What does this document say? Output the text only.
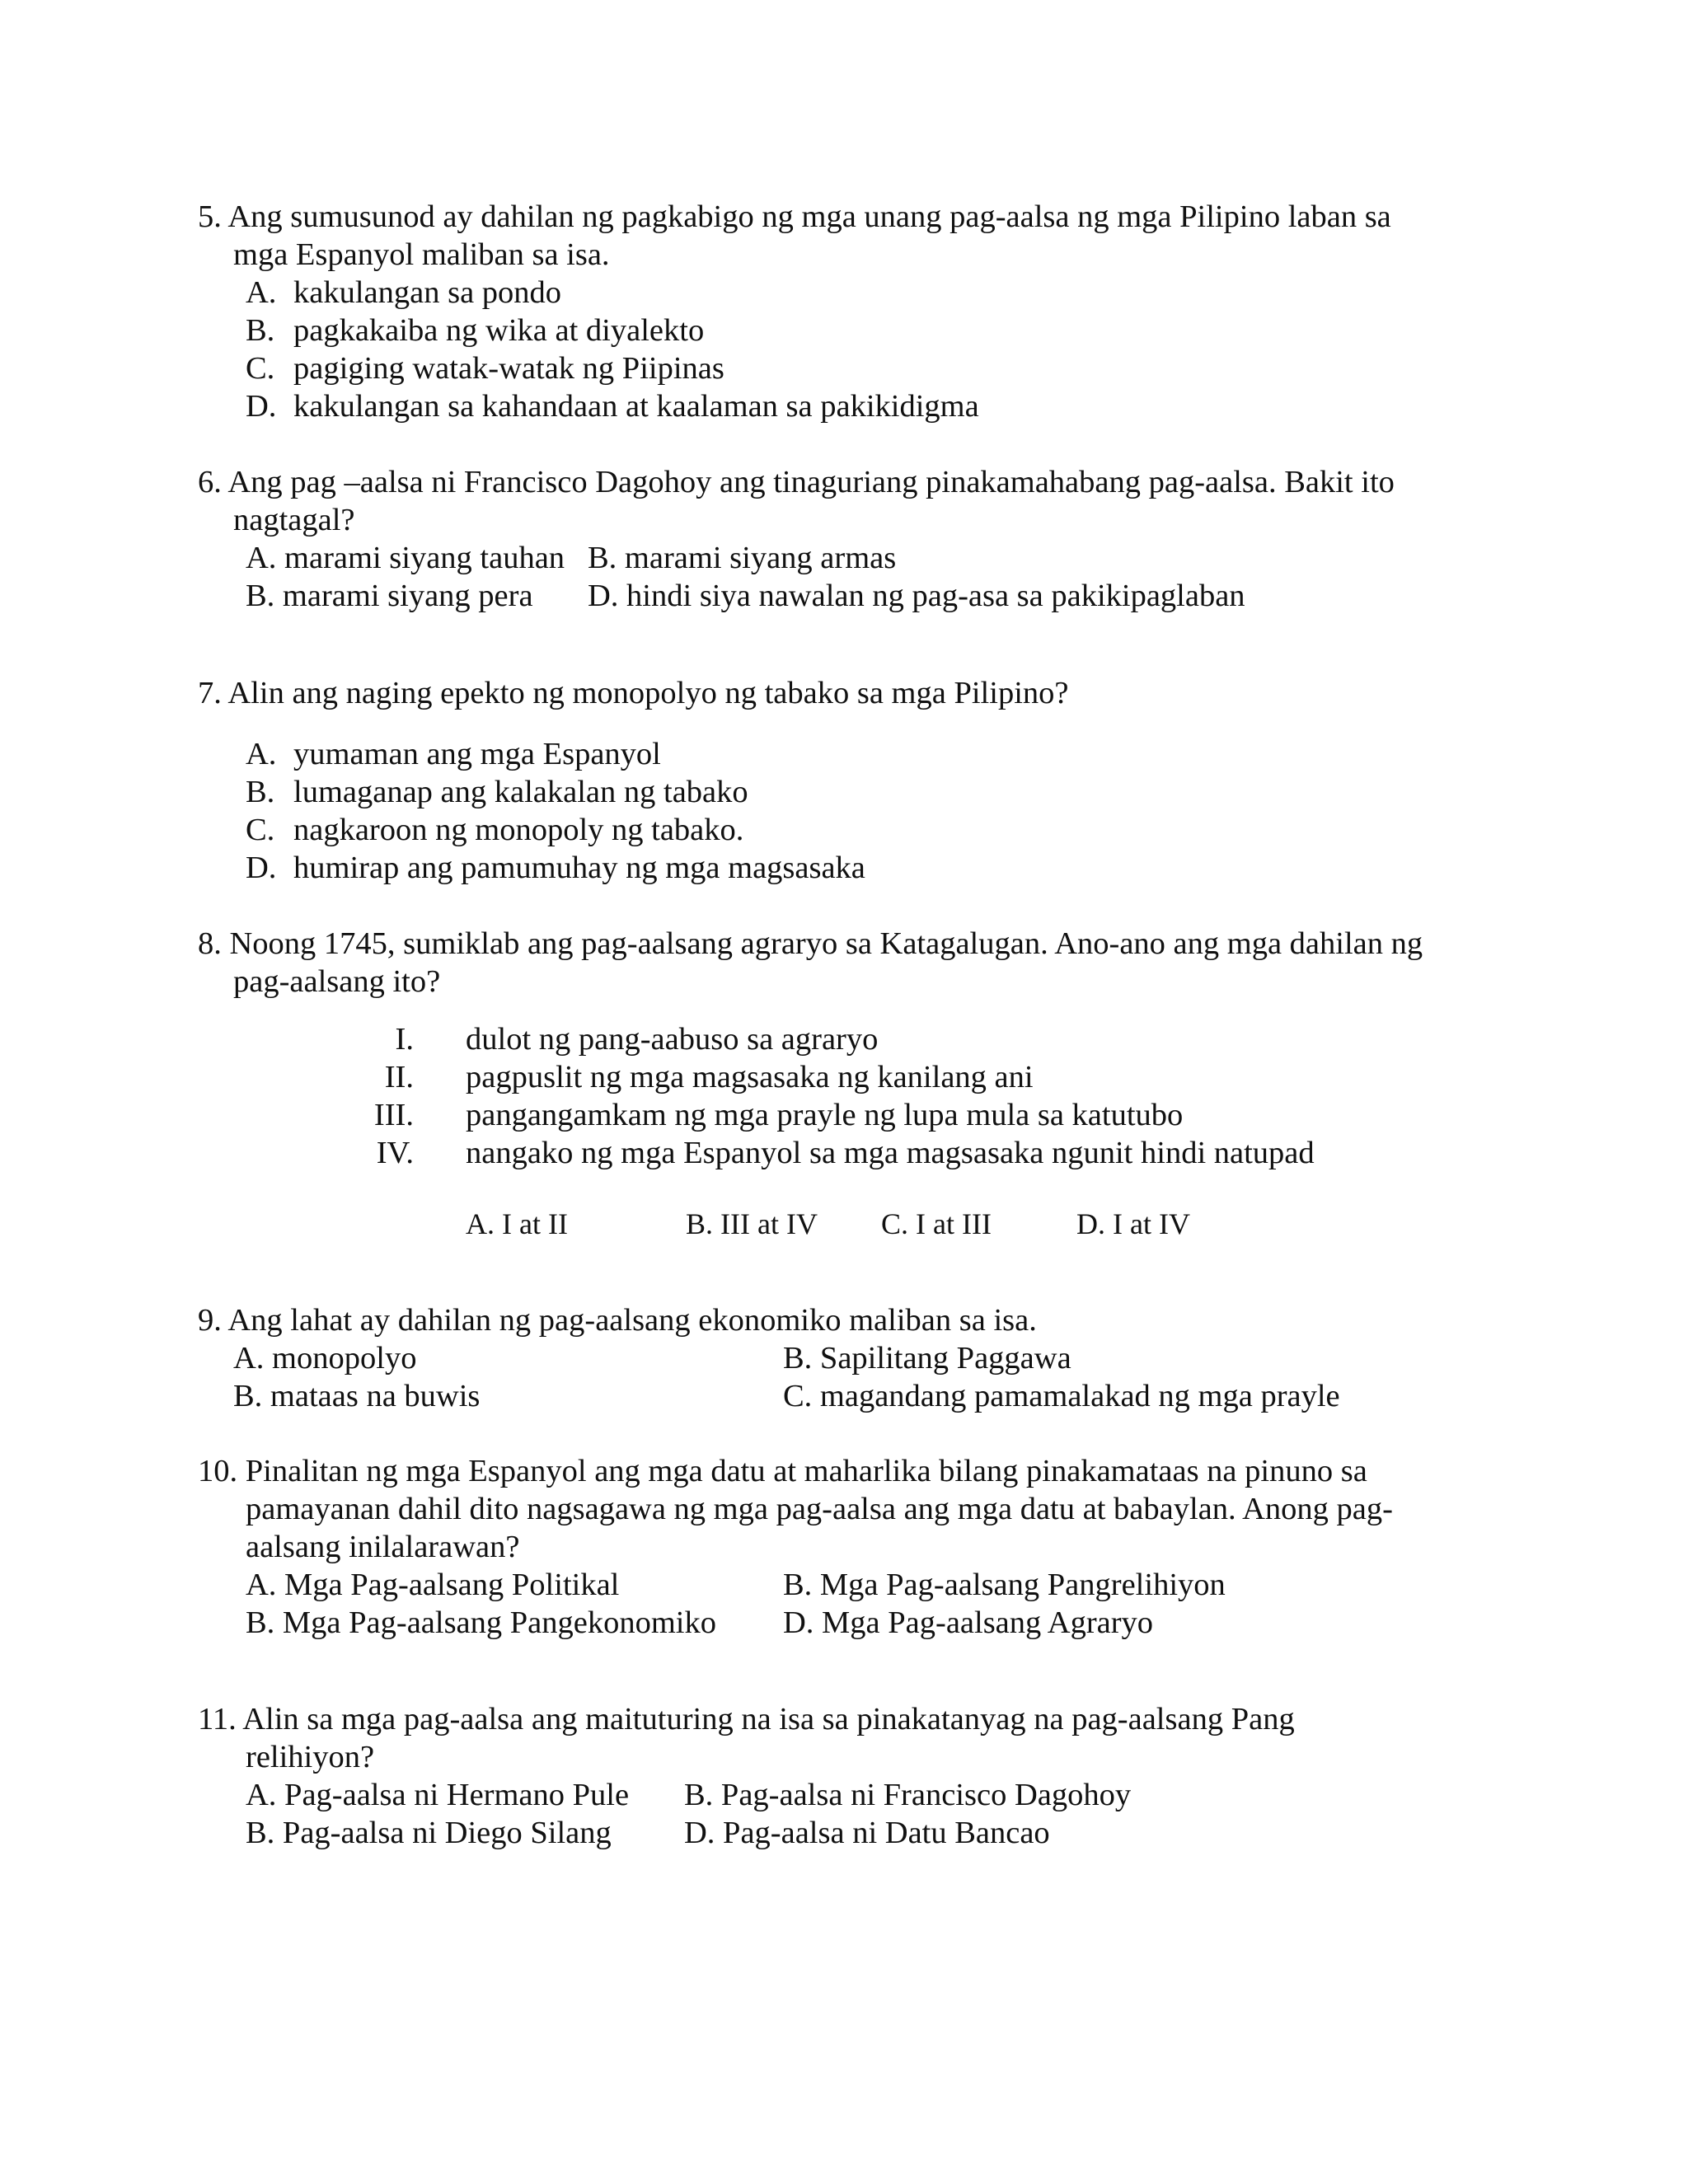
5. Ang sumusunod ay dahilan ng pagkabigo ng mga unang pag-aalsa ng mga Pilipino laban sa
mga Espanyol maliban sa isa.
A. kakulangan sa pondo
B. pagkakaiba ng wika at diyalekto
C. pagiging watak-watak ng Piipinas
D. kakulangan sa kahandaan at kaalaman sa pakikidigma
6. Ang pag –aalsa ni Francisco Dagohoy ang tinaguriang pinakamahabang pag-aalsa. Bakit ito
nagtagal?
A. marami siyang tauhan B. marami siyang armas
B. marami siyang pera D. hindi siya nawalan ng pag-asa sa pakikipaglaban
7. Alin ang naging epekto ng monopolyo ng tabako sa mga Pilipino?
A. yumaman ang mga Espanyol
B. lumaganap ang kalakalan ng tabako
C. nagkaroon ng monopoly ng tabako.
D. humirap ang pamumuhay ng mga magsasaka
8. Noong 1745, sumiklab ang pag-aalsang agraryo sa Katagalugan. Ano-ano ang mga dahilan ng
pag-aalsang ito?
I. dulot ng pang-aabuso sa agraryo
II. pagpuslit ng mga magsasaka ng kanilang ani
III. pangangamkam ng mga prayle ng lupa mula sa katutubo
IV. nangako ng mga Espanyol sa mga magsasaka ngunit hindi natupad
A. I at II	B. III at IV C. I at III	D. I at IV
9. Ang lahat ay dahilan ng pag-aalsang ekonomiko maliban sa isa.
A. monopolyo	B. Sapilitang Paggawa
B. mataas na buwis	C. magandang pamamalakad ng mga prayle
10. Pinalitan ng mga Espanyol ang mga datu at maharlika bilang pinakamataas na pinuno sa
pamayanan dahil dito nagsagawa ng mga pag-aalsa ang mga datu at babaylan. Anong pag-
aalsang inilalarawan?
A. Mga Pag-aalsang Politikal	B. Mga Pag-aalsang Pangrelihiyon
B. Mga Pag-aalsang Pangekonomiko D. Mga Pag-aalsang Agraryo
11. Alin sa mga pag-aalsa ang maituturing na isa sa pinakatanyag na pag-aalsang Pang
relihiyon?
A. Pag-aalsa ni Hermano Pule B. Pag-aalsa ni Francisco Dagohoy
B. Pag-aalsa ni Diego Silang D. Pag-aalsa ni Datu Bancao
